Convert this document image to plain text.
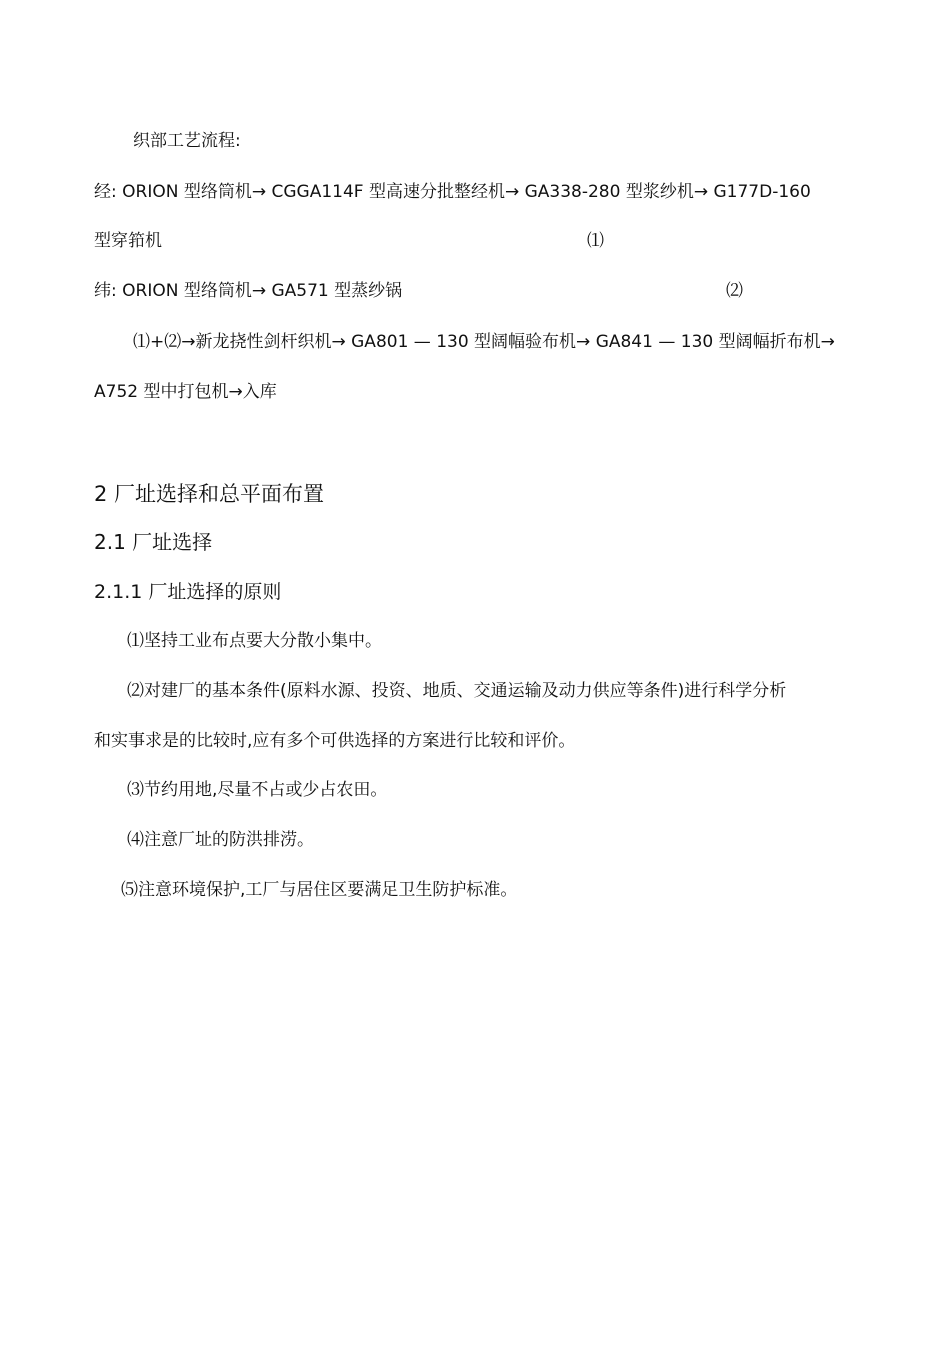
织部工艺流程:
经: ORION 型络筒机→ CGGA114F 型高速分批整经机→ GA338-280 型浆纱机→ G177D-160
型穿筘机	⑴
纬: ORION 型络筒机→ GA571 型蒸纱锅	⑵
⑴+⑵→新龙挠性剑杆织机→ GA801 — 130 型阔幅验布机→ GA841 — 130 型阔幅折布机→
A752 型中打包机→入库
2 厂址选择和总平面布置
2.1 厂址选择
2.1.1 厂址选择的原则
⑴坚持工业布点要大分散小集中。
⑵对建厂的基本条件(原料水源、投资、地质、交通运输及动力供应等条件)进行科学分析
和实事求是的比较时,应有多个可供选择的方案进行比较和评价。
⑶节约用地,尽量不占或少占农田。
⑷注意厂址的防洪排涝。
⑸注意环境保护,工厂与居住区要满足卫生防护标准。
